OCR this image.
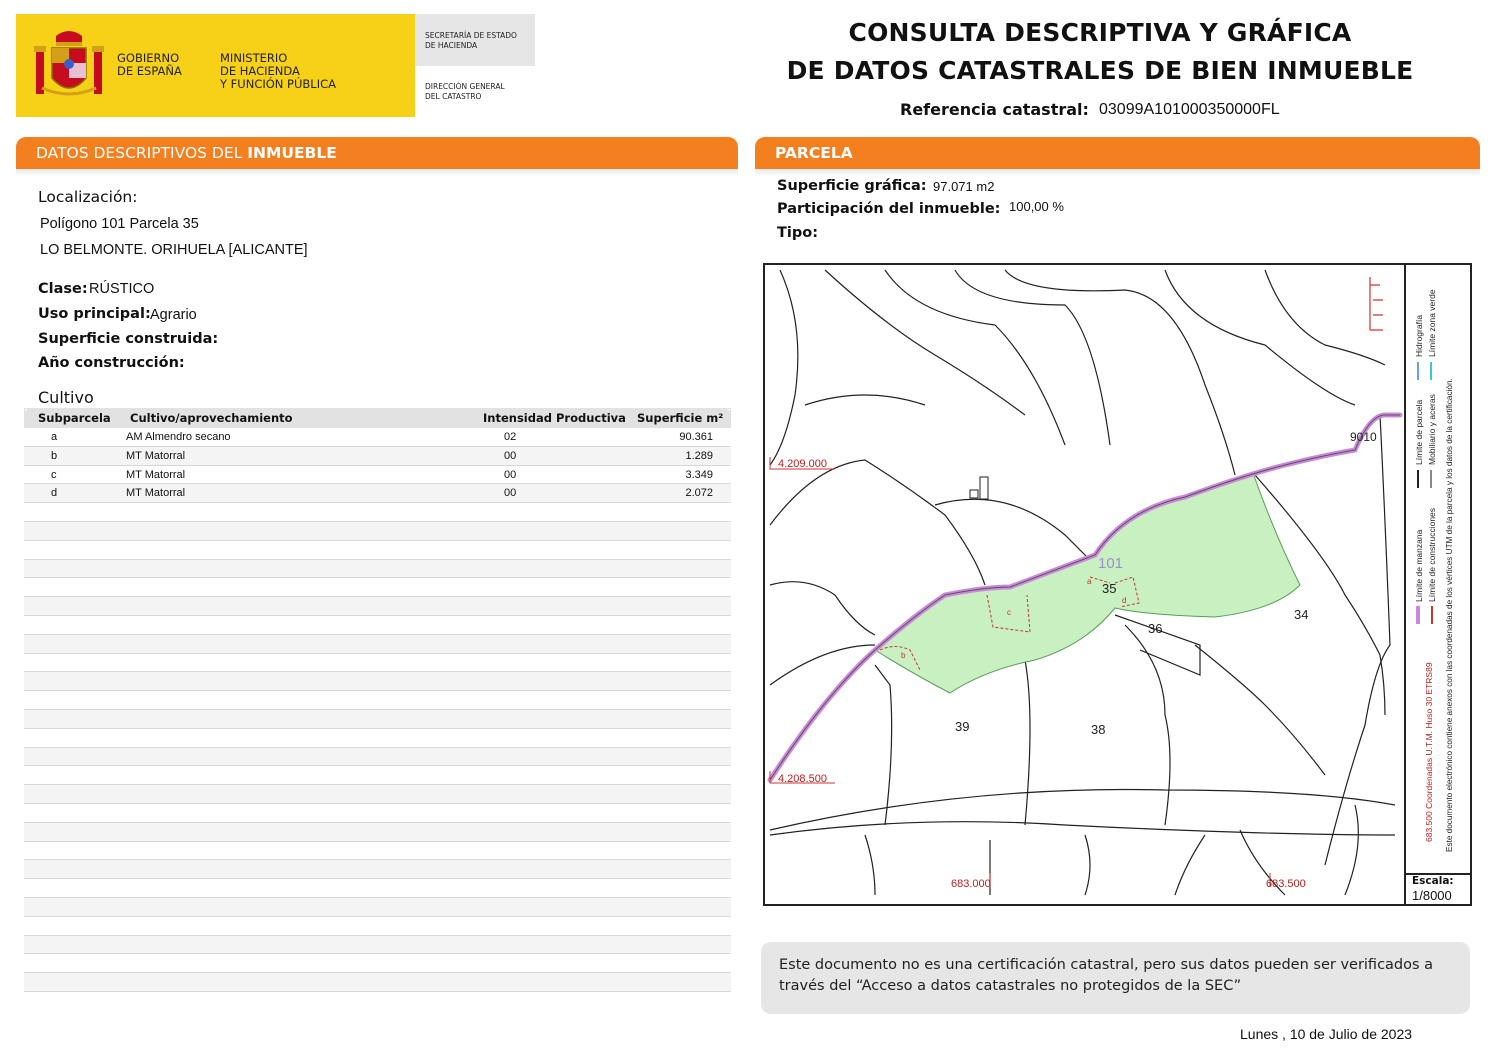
GOBIERNO
DE ESPAÑA
MINISTERIO
DE HACIENDA
Y FUNCIÓN PÚBLICA
SECRETARÍA DE ESTADO
DE HACIENDA
DIRECCIÓN GENERAL
DEL CATASTRO
CONSULTA DESCRIPTIVA Y GRÁFICA
DE DATOS CATASTRALES DE BIEN INMUEBLE
Referencia catastral: 03099A101000350000FL
DATOS DESCRIPTIVOS DEL INMUEBLE
Localización:
Polígono 101 Parcela 35
LO BELMONTE. ORIHUELA [ALICANTE]
Clase: RÚSTICO
Uso principal: Agrario
Superficie construida:
Año construcción:
Cultivo
Subparcela Cultivo/aprovechamiento	Intensidad Productiva Superficie m²
a	AM Almendro secano	02	90.361
b	MT Matorral	00	1.289
c	MT Matorral	00	3.349
d	MT Matorral	00	2.072
PARCELA
Superficie gráfica: 97.071 m2
Participación del inmueble: 100,00 %
Tipo:
101
35
34
36
38
39
9010
a
b
c
d
4.209.000
4.208.500
683.000	683.500
Límite de manzana Límite de construcciones
Límite de parcela Mobiliario y aceras
Hidrografía Límite zona verde
683.500 Coordenadas U.T.M. Huso 30 ETRS89 Este documento electrónico contiene anexos con las coordenadas de los vértices UTM de la parcela y los datos de la certificación.
Escala:
1/8000
Este documento no es una certificación catastral, pero sus datos pueden ser verificados a través del “Acceso a datos catastrales no protegidos de la SEC”
Lunes , 10 de Julio de 2023
